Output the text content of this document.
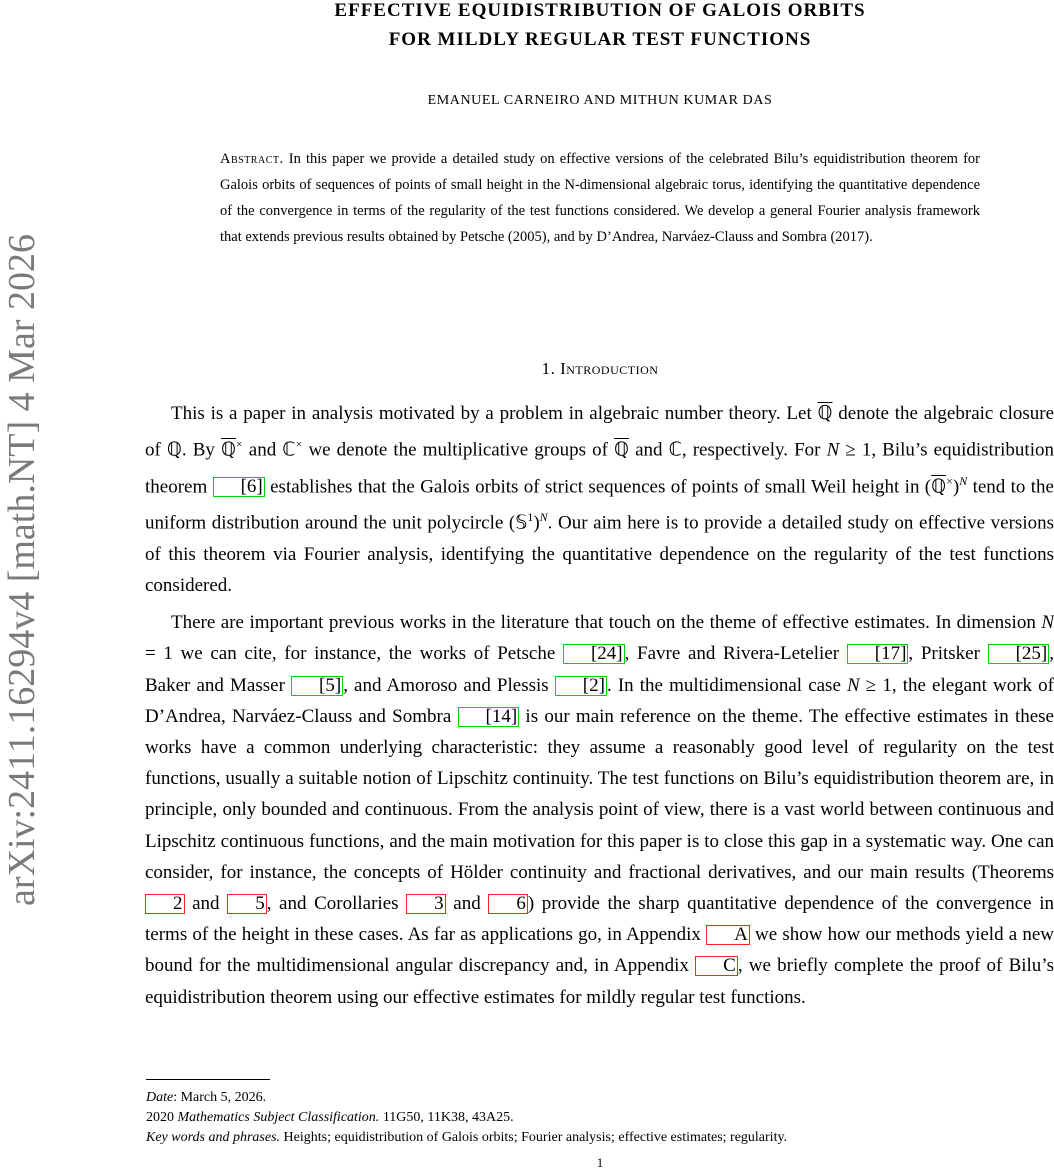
arXiv:2411.16294v4 [math.NT] 4 Mar 2026
EFFECTIVE EQUIDISTRIBUTION OF GALOIS ORBITS
FOR MILDLY REGULAR TEST FUNCTIONS
EMANUEL CARNEIRO AND MITHUN KUMAR DAS
Abstract. In this paper we provide a detailed study on effective versions of the celebrated Bilu’s equidistribution theorem for Galois orbits of sequences of points of small height in the N-dimensional algebraic torus, identifying the quantitative dependence of the convergence in terms of the regularity of the test functions considered. We develop a general Fourier analysis framework that extends previous results obtained by Petsche (2005), and by D’Andrea, Narváez-Clauss and Sombra (2017).
1. Introduction

This is a paper in analysis motivated by a problem in algebraic number theory. Let ℚ denote the algebraic closure of ℚ. By ℚ× and ℂ× we denote the multiplicative groups of ℚ and ℂ, respectively. For N ≥ 1, Bilu’s equidistribution theorem [6] establishes that the Galois orbits of strict sequences of points of small Weil height in (ℚ×)$^N$ tend to the uniform distribution around the unit polycircle (𝕊$^1$)$^N$. Our aim here is to provide a detailed study on effective versions of this theorem via Fourier analysis, identifying the quantitative dependence on the regularity of the test functions considered.

There are important previous works in the literature that touch on the theme of effective estimates. In dimension N = 1 we can cite, for instance, the works of Petsche [24] , Favre and Rivera-Letelier [17] , Pritsker [25] , Baker and Masser [5] , and Amoroso and Plessis [2] . In the multidimensional case N ≥ 1, the elegant work of D’Andrea, Narváez-Clauss and Sombra [14] is our main reference on the theme. The effective estimates in these works have a common underlying characteristic: they assume a reasonably good level of regularity on the test functions, usually a suitable notion of Lipschitz continuity. The test functions on Bilu’s equidistribution theorem are, in principle, only bounded and continuous. From the analysis point of view, there is a vast world between continuous and Lipschitz continuous functions, and the main motivation for this paper is to close this gap in a systematic way. One can consider, for instance, the concepts of Hölder continuity and fractional derivatives, and our main results (Theorems 2 and 5 , and Corollaries 3 and 6 ) provide the sharp quantitative dependence of the convergence in terms of the height in these cases. As far as applications go, in Appendix A we show how our methods yield a new bound for the multidimensional angular discrepancy and, in Appendix C , we briefly complete the proof of Bilu’s equidistribution theorem using our effective estimates for mildly regular test functions.

Date: March 5, 2026.
2020 Mathematics Subject Classification. 11G50, 11K38, 43A25.
Key words and phrases. Heights; equidistribution of Galois orbits; Fourier analysis; effective estimates; regularity.
1
